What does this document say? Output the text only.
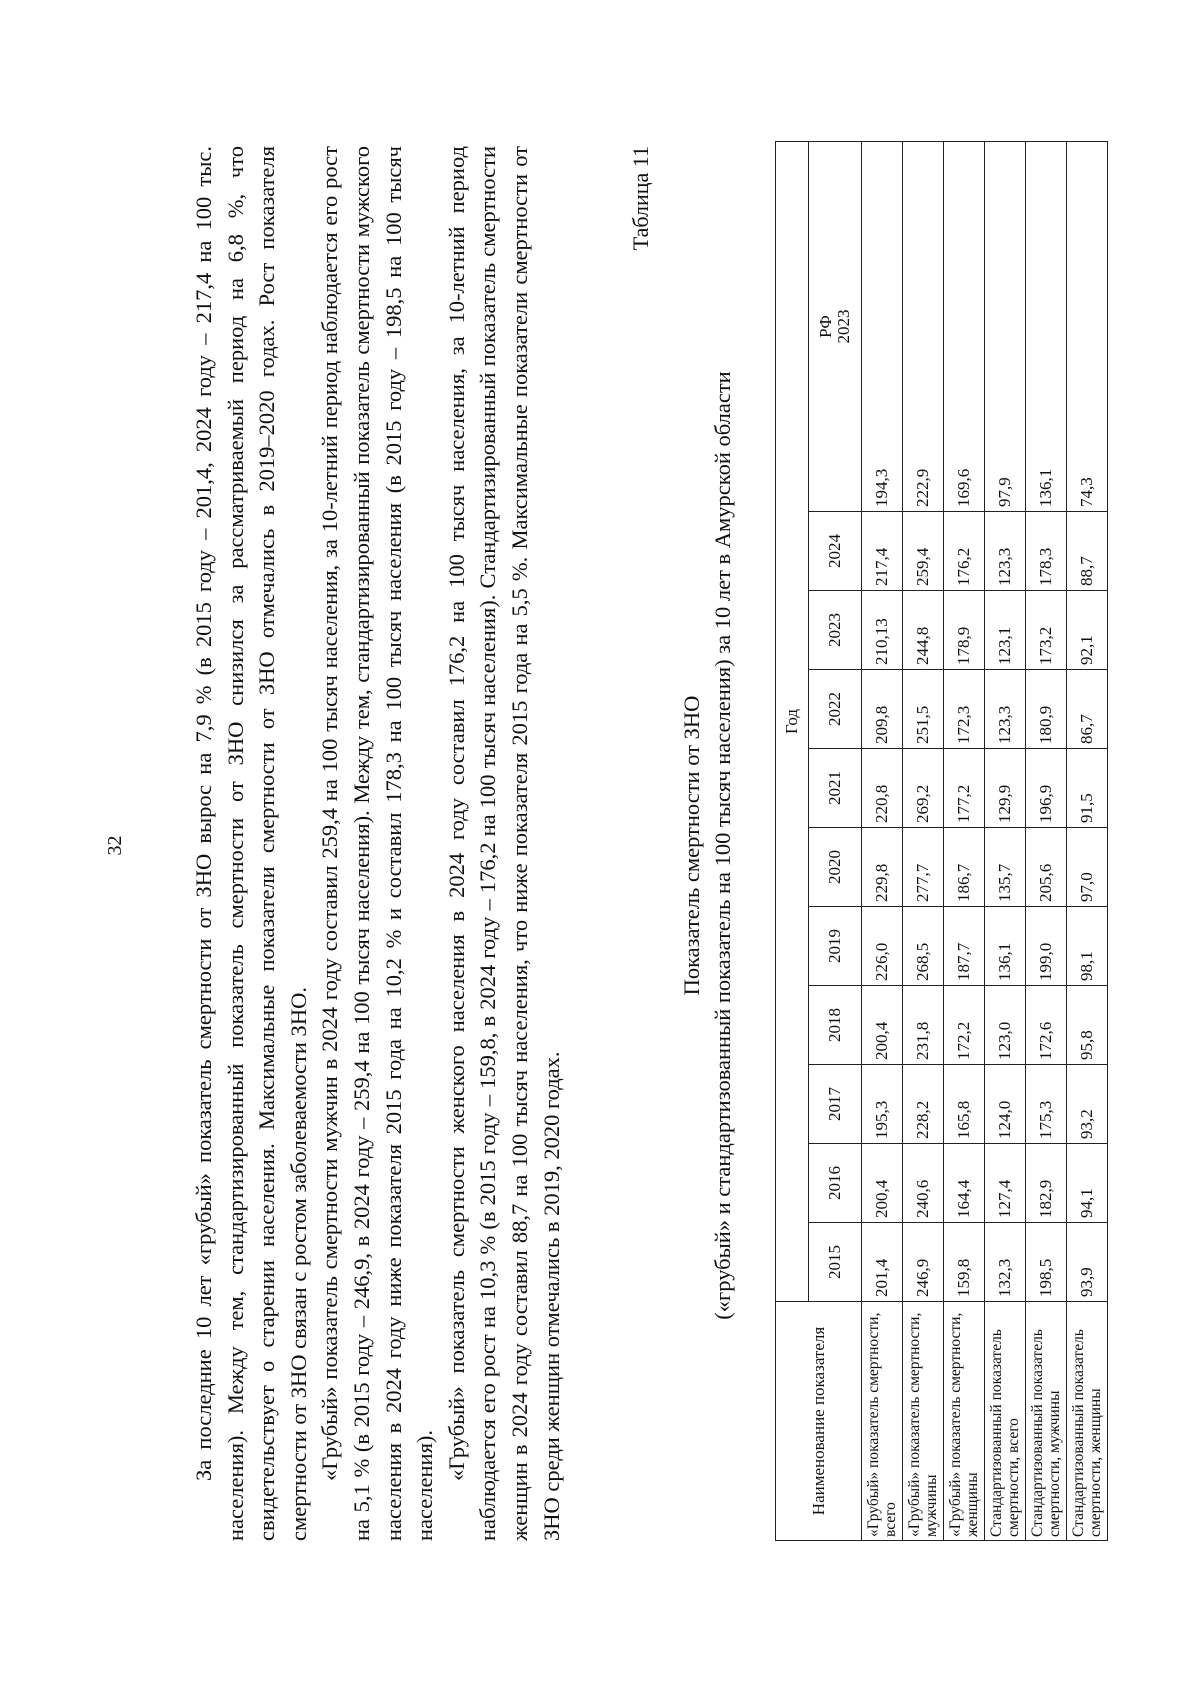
32	За последние 10 лет «грубый» показатель смертности от ЗНО вырос на 7,9 % (в 2015 году – 201,4, 2024 году – 217,4 на 100 тыс. населения). Между тем, стандартизированный показатель смертности от ЗНО снизился за рассматриваемый период на 6,8 %, что свидетельствует о старении населения. Максимальные показатели смертности от ЗНО отмечались в 2019–2020 годах. Рост показателя смертности от ЗНО связан с ростом заболеваемости ЗНО. «Грубый» показатель смертности мужчин в 2024 году составил 259,4 на 100 тысяч населения, за 10-летний период наблюдается его рост на 5,1 % (в 2015 году – 246,9, в 2024 году – 259,4 на 100 тысяч населения). Между тем, стандартизированный показатель смертности мужского населения в 2024 году ниже показателя 2015 года на 10,2 % и составил 178,3 на 100 тысяч населения (в 2015 году – 198,5 на 100 тысяч населения).

«Грубый» показатель смертности женского населения в 2024 году составил 176,2 на 100 тысяч населения, за 10-летний период наблюдается его рост на 10,3 % (в 2015 году – 159,8, в 2024 году – 176,2 на 100 тысяч населения). Стандартизированный показатель смертности женщин в 2024 году составил 88,7 на 100 тысяч населения, что ниже показателя 2015 года на 5,5 %. Максимальные показатели смертности от ЗНО среди женщин отмечались в 2019, 2020 годах.

Таблица 11
Показатель смертности от ЗНО («грубый» и стандартизованный показатель на 100 тысяч населения) за 10 лет в Амурской области
Наименование показателя	Год										
	2015	2016	2017	2018	2019	2020	2021	2022	2023	2024	РФ 2023

«Грубый» показатель смертности, всего	201,4	200,4	195,3	200,4	226,0	229,8	220,8	209,8	210,13	217,4	194,3
«Грубый» показатель смертности, мужчины	246,9	240,6	228,2	231,8	268,5	277,7	269,2	251,5	244,8	259,4	222,9
«Грубый» показатель смертности, женщины	159,8	164,4	165,8	172,2	187,7	186,7	177,2	172,3	178,9	176,2	169,6
Стандартизованный показатель смертности, всего	132,3	127,4	124,0	123,0	136,1	135,7	129,9	123,3	123,1	123,3	97,9
Стандартизованный показатель смертности, мужчины	198,5	182,9	175,3	172,6	199,0	205,6	196,9	180,9	173,2	178,3	136,1
Стандартизованный показатель смертности, женщины	93,9	94,1	93,2	95,8	98,1	97,0	91,5	86,7	92,1	88,7	74,3
